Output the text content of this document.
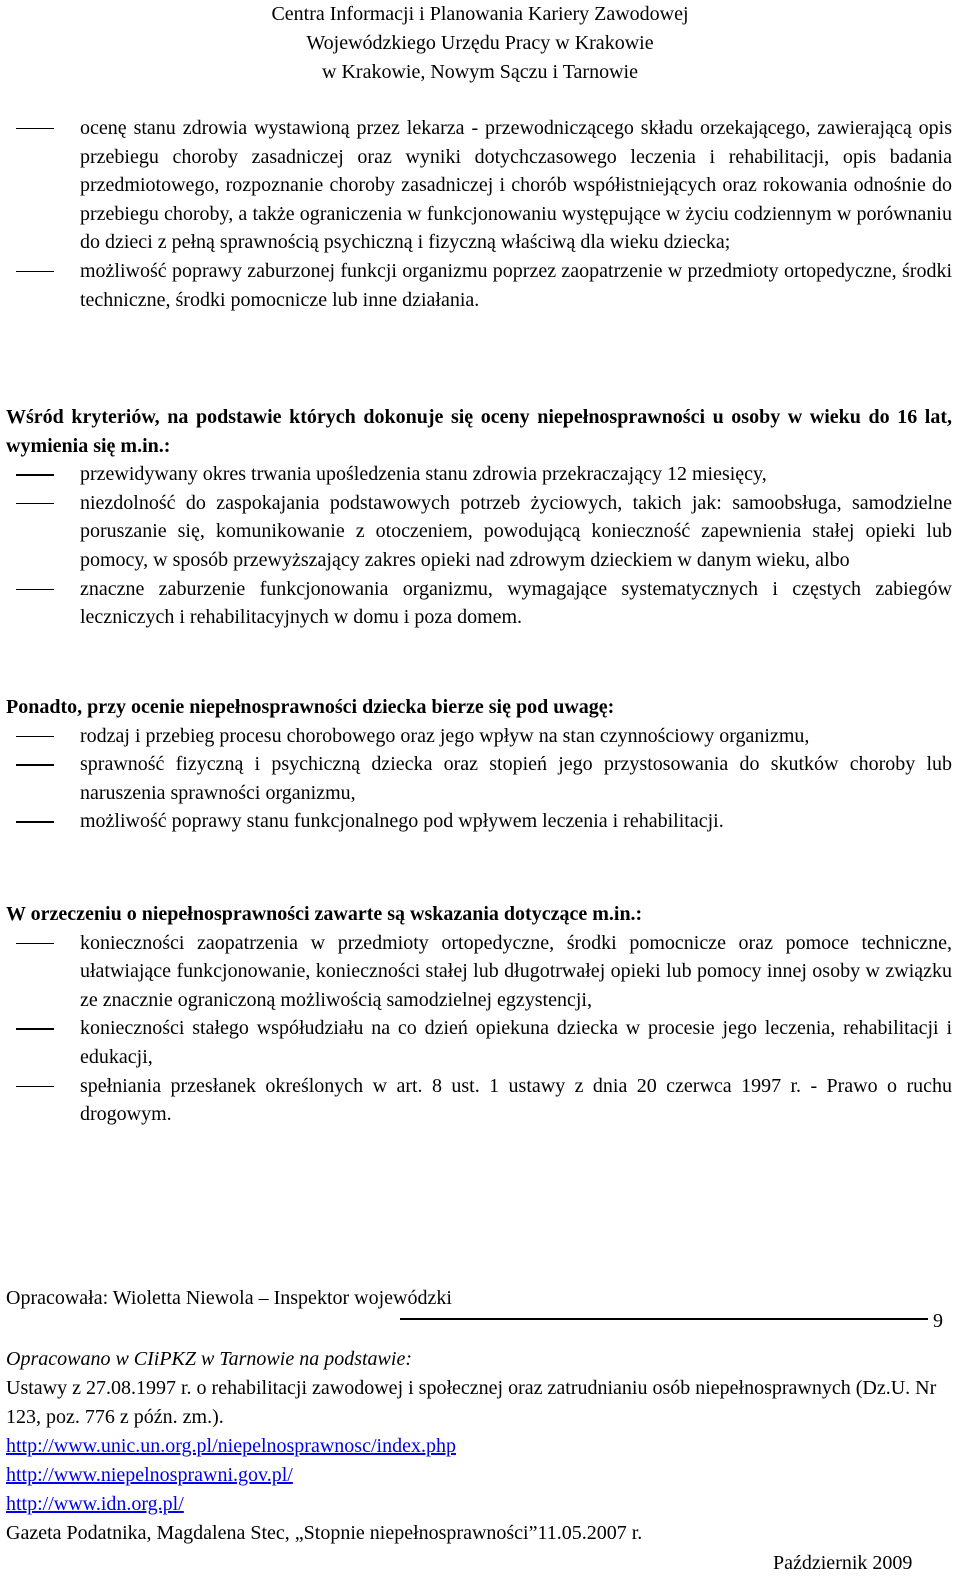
Centra Informacji i Planowania Kariery Zawodowej
Wojewódzkiego Urzędu Pracy w Krakowie
w Krakowie, Nowym Sączu i Tarnowie
ocenę stanu zdrowia wystawioną przez lekarza - przewodniczącego składu orzekającego, zawierającą opis przebiegu choroby zasadniczej oraz wyniki dotychczasowego leczenia i rehabilitacji, opis badania przedmiotowego, rozpoznanie choroby zasadniczej i chorób współistniejących oraz rokowania odnośnie do przebiegu choroby, a także ograniczenia w funkcjonowaniu występujące w życiu codziennym w porównaniu do dzieci z pełną sprawnością psychiczną i fizyczną właściwą dla wieku dziecka;
możliwość poprawy zaburzonej funkcji organizmu poprzez zaopatrzenie w przedmioty ortopedyczne, środki techniczne, środki pomocnicze lub inne działania.
Wśród kryteriów, na podstawie których dokonuje się oceny niepełnosprawności u osoby w wieku do 16 lat, wymienia się m.in.:
przewidywany okres trwania upośledzenia stanu zdrowia przekraczający 12 miesięcy,
niezdolność do zaspokajania podstawowych potrzeb życiowych, takich jak: samoobsługa, samodzielne poruszanie się, komunikowanie z otoczeniem, powodującą konieczność zapewnienia stałej opieki lub pomocy, w sposób przewyższający zakres opieki nad zdrowym dzieckiem w danym wieku, albo
znaczne zaburzenie funkcjonowania organizmu, wymagające systematycznych i częstych zabiegów leczniczych i rehabilitacyjnych w domu i poza domem.
Ponadto, przy ocenie niepełnosprawności dziecka bierze się pod uwagę:
rodzaj i przebieg procesu chorobowego oraz jego wpływ na stan czynnościowy organizmu,
sprawność fizyczną i psychiczną dziecka oraz stopień jego przystosowania do skutków choroby lub naruszenia sprawności organizmu,
możliwość poprawy stanu funkcjonalnego pod wpływem leczenia i rehabilitacji.
W orzeczeniu o niepełnosprawności zawarte są wskazania dotyczące m.in.:
konieczności zaopatrzenia w przedmioty ortopedyczne, środki pomocnicze oraz pomoce techniczne, ułatwiające funkcjonowanie, konieczności stałej lub długotrwałej opieki lub pomocy innej osoby w związku ze znacznie ograniczoną możliwością samodzielnej egzystencji,
konieczności stałego współudziału na co dzień opiekuna dziecka w procesie jego leczenia, rehabilitacji i edukacji,
spełniania przesłanek określonych w art. 8 ust. 1 ustawy z dnia 20 czerwca 1997 r. - Prawo o ruchu drogowym.
Opracowała: Wioletta Niewola – Inspektor wojewódzki
9
Opracowano w CIiPKZ w Tarnowie na podstawie:
Ustawy z 27.08.1997 r. o rehabilitacji zawodowej i społecznej oraz zatrudnianiu osób niepełnosprawnych (Dz.U. Nr 123, poz. 776 z późn. zm.).
http://www.unic.un.org.pl/niepelnosprawnosc/index.php
http://www.niepelnosprawni.gov.pl/
http://www.idn.org.pl/
Gazeta Podatnika, Magdalena Stec, „Stopnie niepełnosprawności”11.05.2007 r.
Październik 2009
